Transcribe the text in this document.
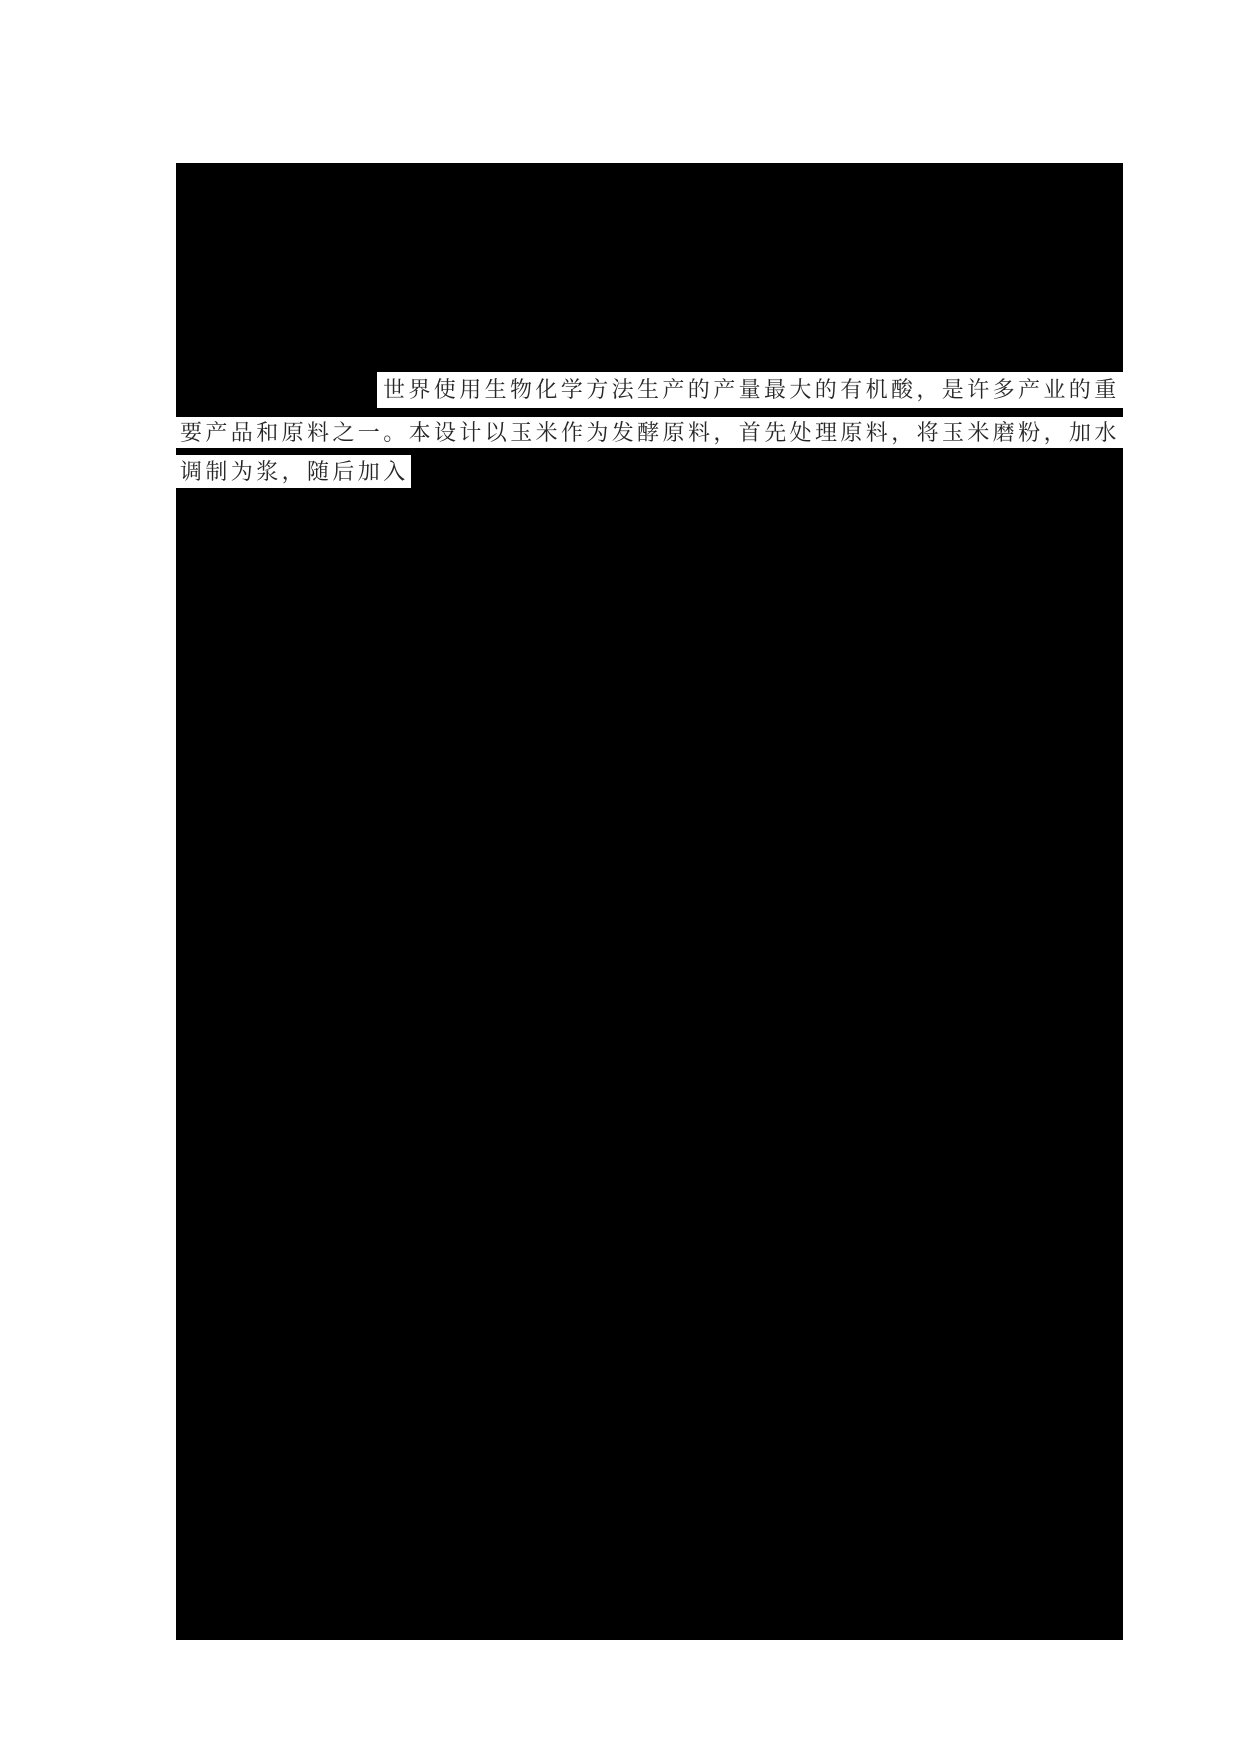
世界使用生物化学方法生产的产量最大的有机酸，是许多产业的重
要产品和原料之一。本设计以玉米作为发酵原料，首先处理原料，将玉米磨粉，加水
调制为浆，随后加入
